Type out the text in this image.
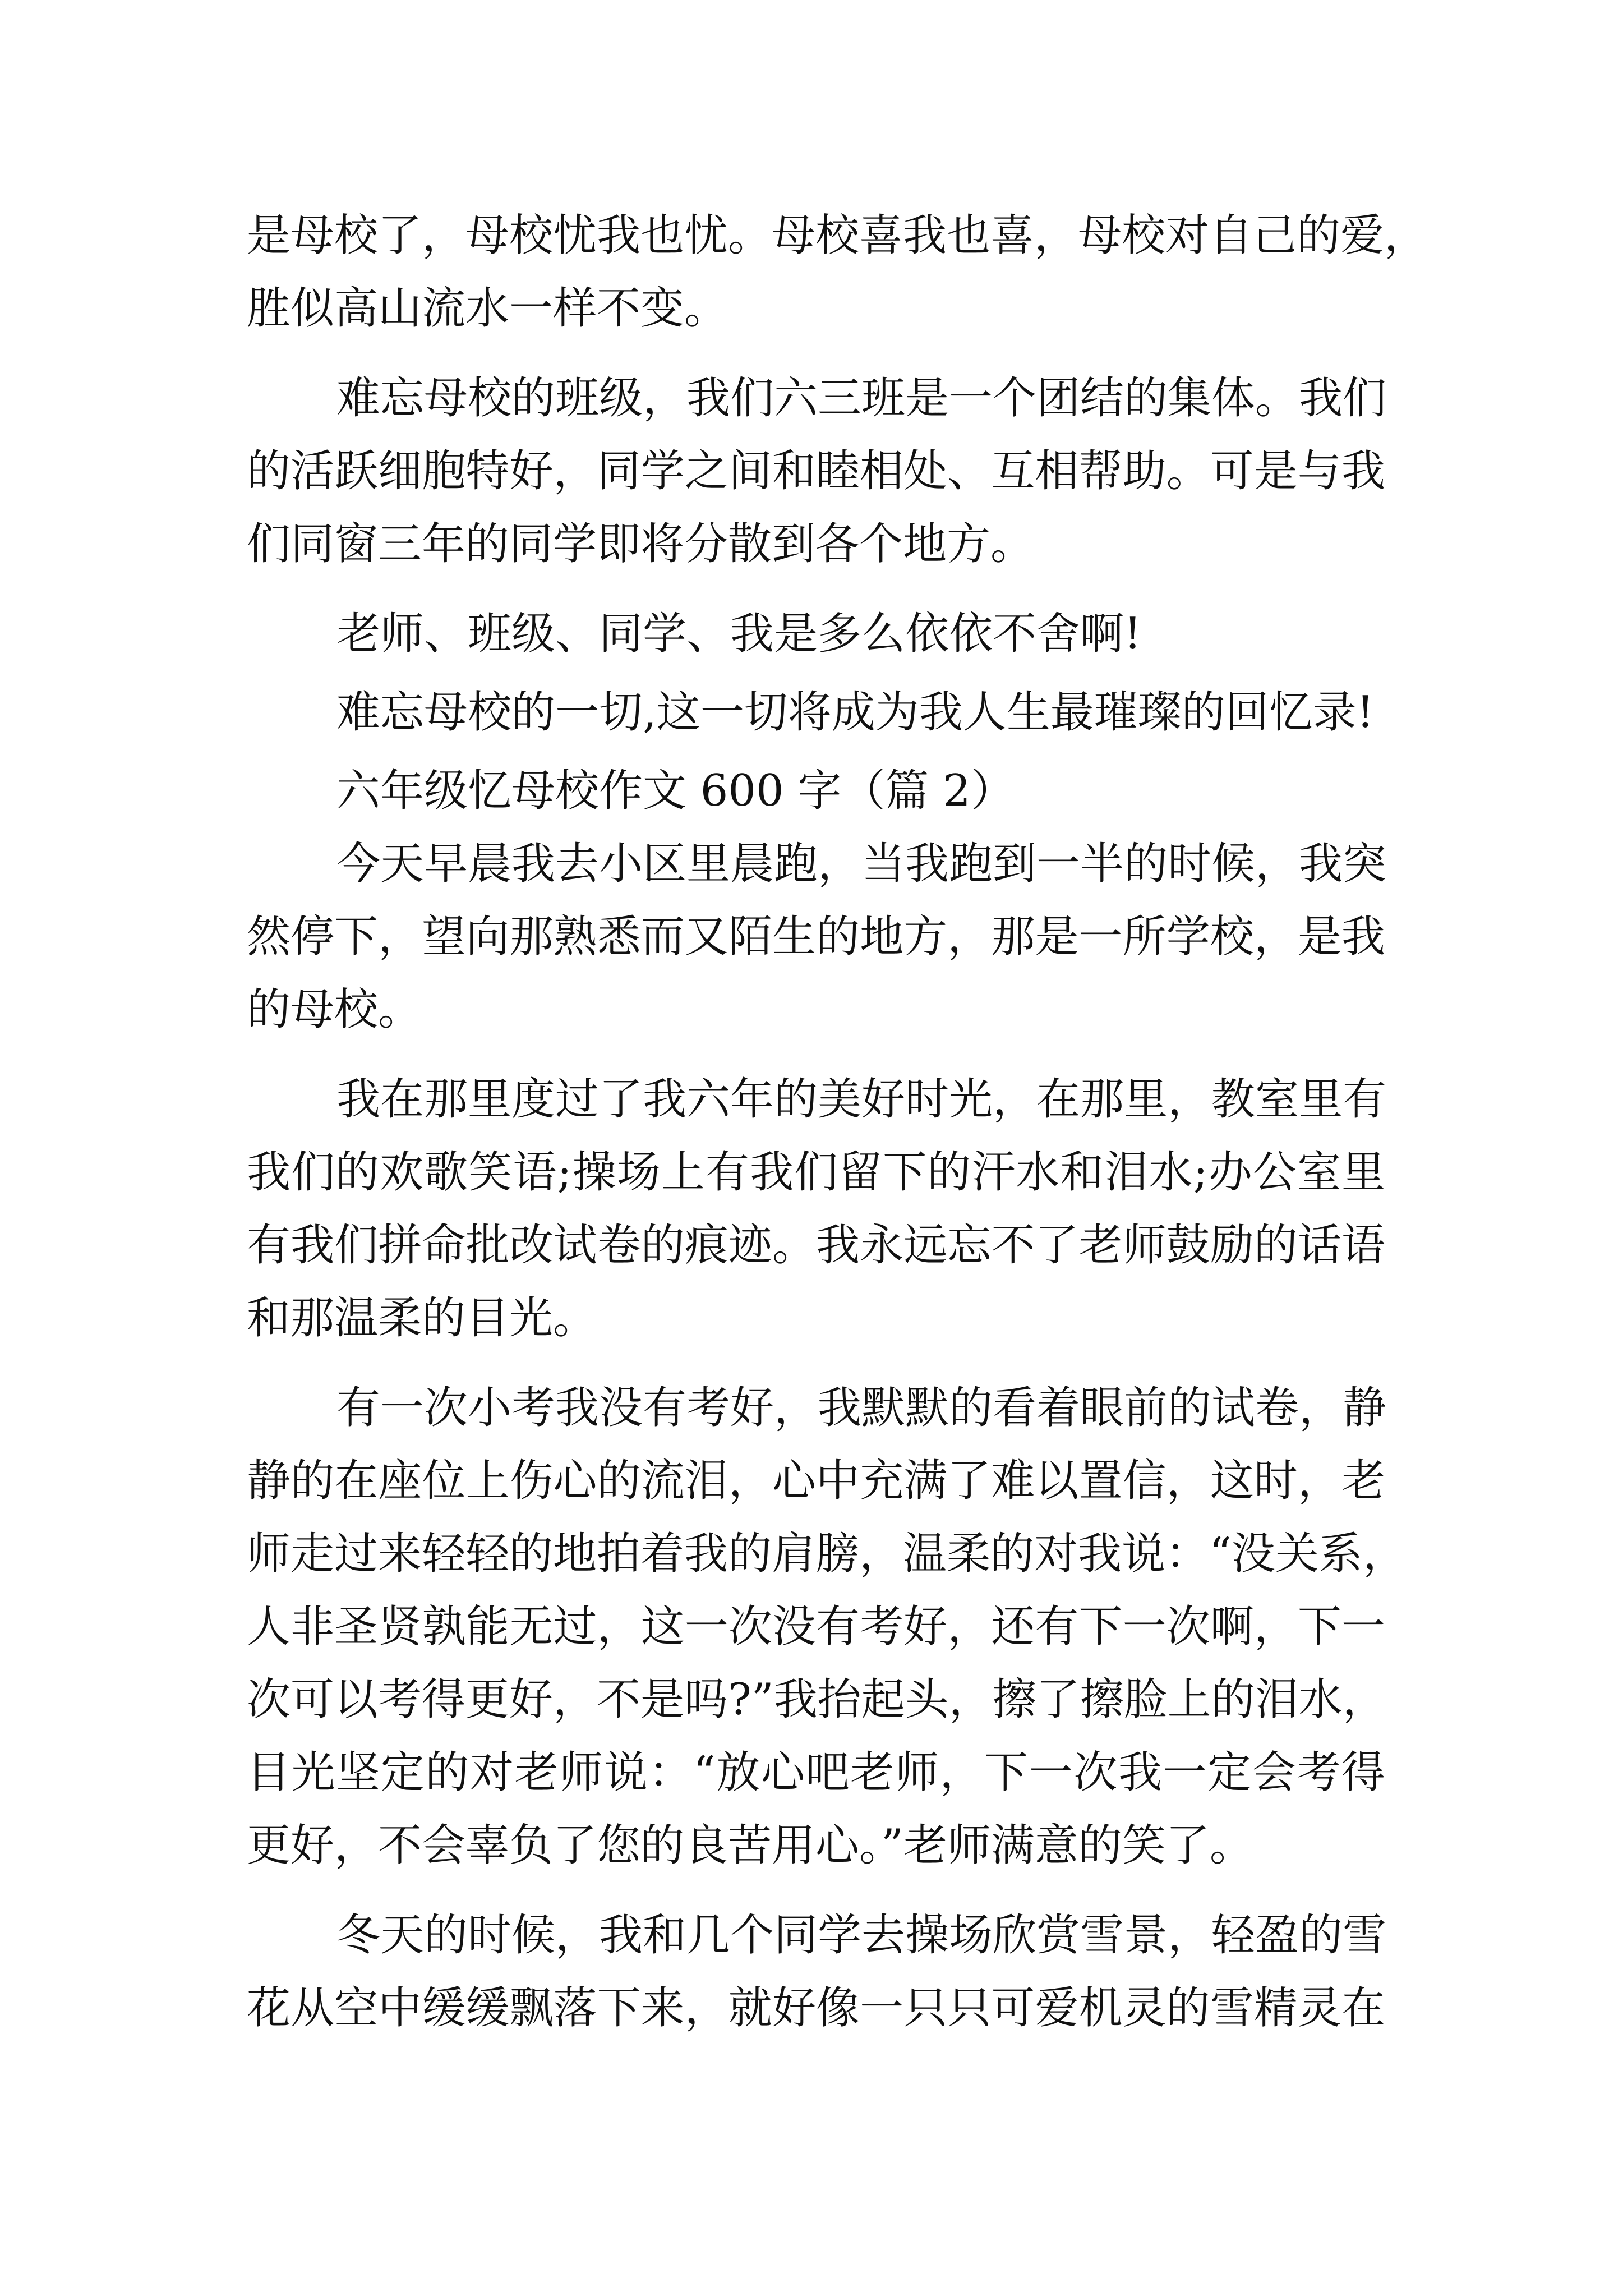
是母校了，母校忧我也忧。母校喜我也喜，母校对自己的爱，
胜似高山流水一样不变。
难忘母校的班级，我们六三班是一个团结的集体。我们
的活跃细胞特好，同学之间和睦相处、互相帮助。可是与我
们同窗三年的同学即将分散到各个地方。
老师、班级、同学、我是多么依依不舍啊!
难忘母校的一切,这一切将成为我人生最璀璨的回忆录!
六年级忆母校作文 600 字（篇 2）
今天早晨我去小区里晨跑，当我跑到一半的时候，我突
然停下，望向那熟悉而又陌生的地方，那是一所学校，是我
的母校。
我在那里度过了我六年的美好时光，在那里，教室里有
我们的欢歌笑语;操场上有我们留下的汗水和泪水;办公室里
有我们拼命批改试卷的痕迹。我永远忘不了老师鼓励的话语
和那温柔的目光。
有一次小考我没有考好，我默默的看着眼前的试卷，静
静的在座位上伤心的流泪，心中充满了难以置信，这时，老
师走过来轻轻的地拍着我的肩膀，温柔的对我说：“没关系，
人非圣贤孰能无过，这一次没有考好，还有下一次啊，下一
次可以考得更好，不是吗?”我抬起头，擦了擦脸上的泪水，
目光坚定的对老师说：“放心吧老师，下一次我一定会考得
更好，不会辜负了您的良苦用心。”老师满意的笑了。
冬天的时候，我和几个同学去操场欣赏雪景，轻盈的雪
花从空中缓缓飘落下来，就好像一只只可爱机灵的雪精灵在
